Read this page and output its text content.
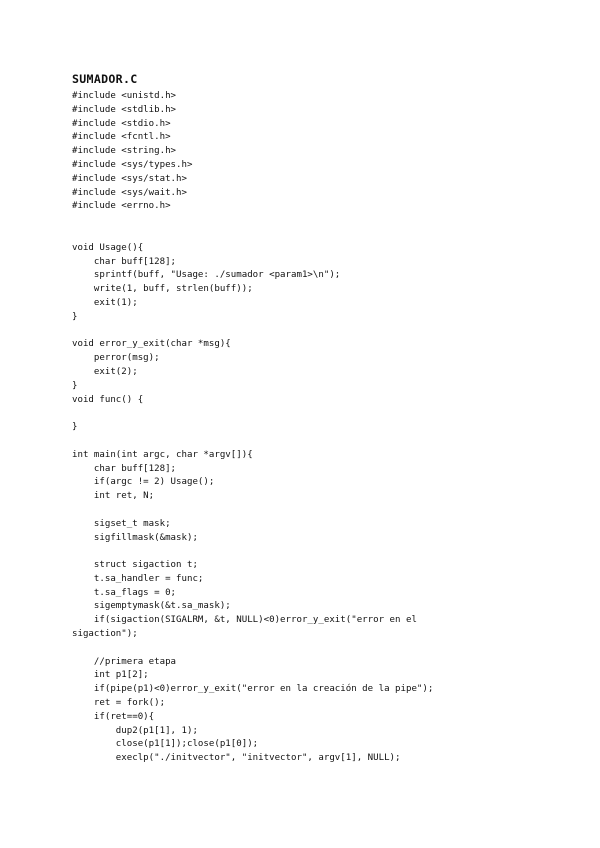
SUMADOR.C
#include <unistd.h>
#include <stdlib.h>
#include <stdio.h>
#include <fcntl.h>
#include <string.h>
#include <sys/types.h>
#include <sys/stat.h>
#include <sys/wait.h>
#include <errno.h>
void Usage(){
char buff[128];
sprintf(buff, "Usage: ./sumador <param1>\n");
write(1, buff, strlen(buff));
exit(1);
}
void error_y_exit(char *msg){
perror(msg);
exit(2);
}
void func() {
}
int main(int argc, char *argv[]){
char buff[128];
if(argc != 2) Usage();
int ret, N;
sigset_t mask;
sigfillmask(&mask);
struct sigaction t;
t.sa_handler = func;
t.sa_flags = 0;
sigemptymask(&t.sa_mask);
if(sigaction(SIGALRM, &t, NULL)<0)error_y_exit("error en el
sigaction");
//primera etapa
int p1[2];
if(pipe(p1)<0)error_y_exit("error en la creación de la pipe");
ret = fork();
if(ret==0){
dup2(p1[1], 1);
close(p1[1]);close(p1[0]);
execlp("./initvector", "initvector", argv[1], NULL);
